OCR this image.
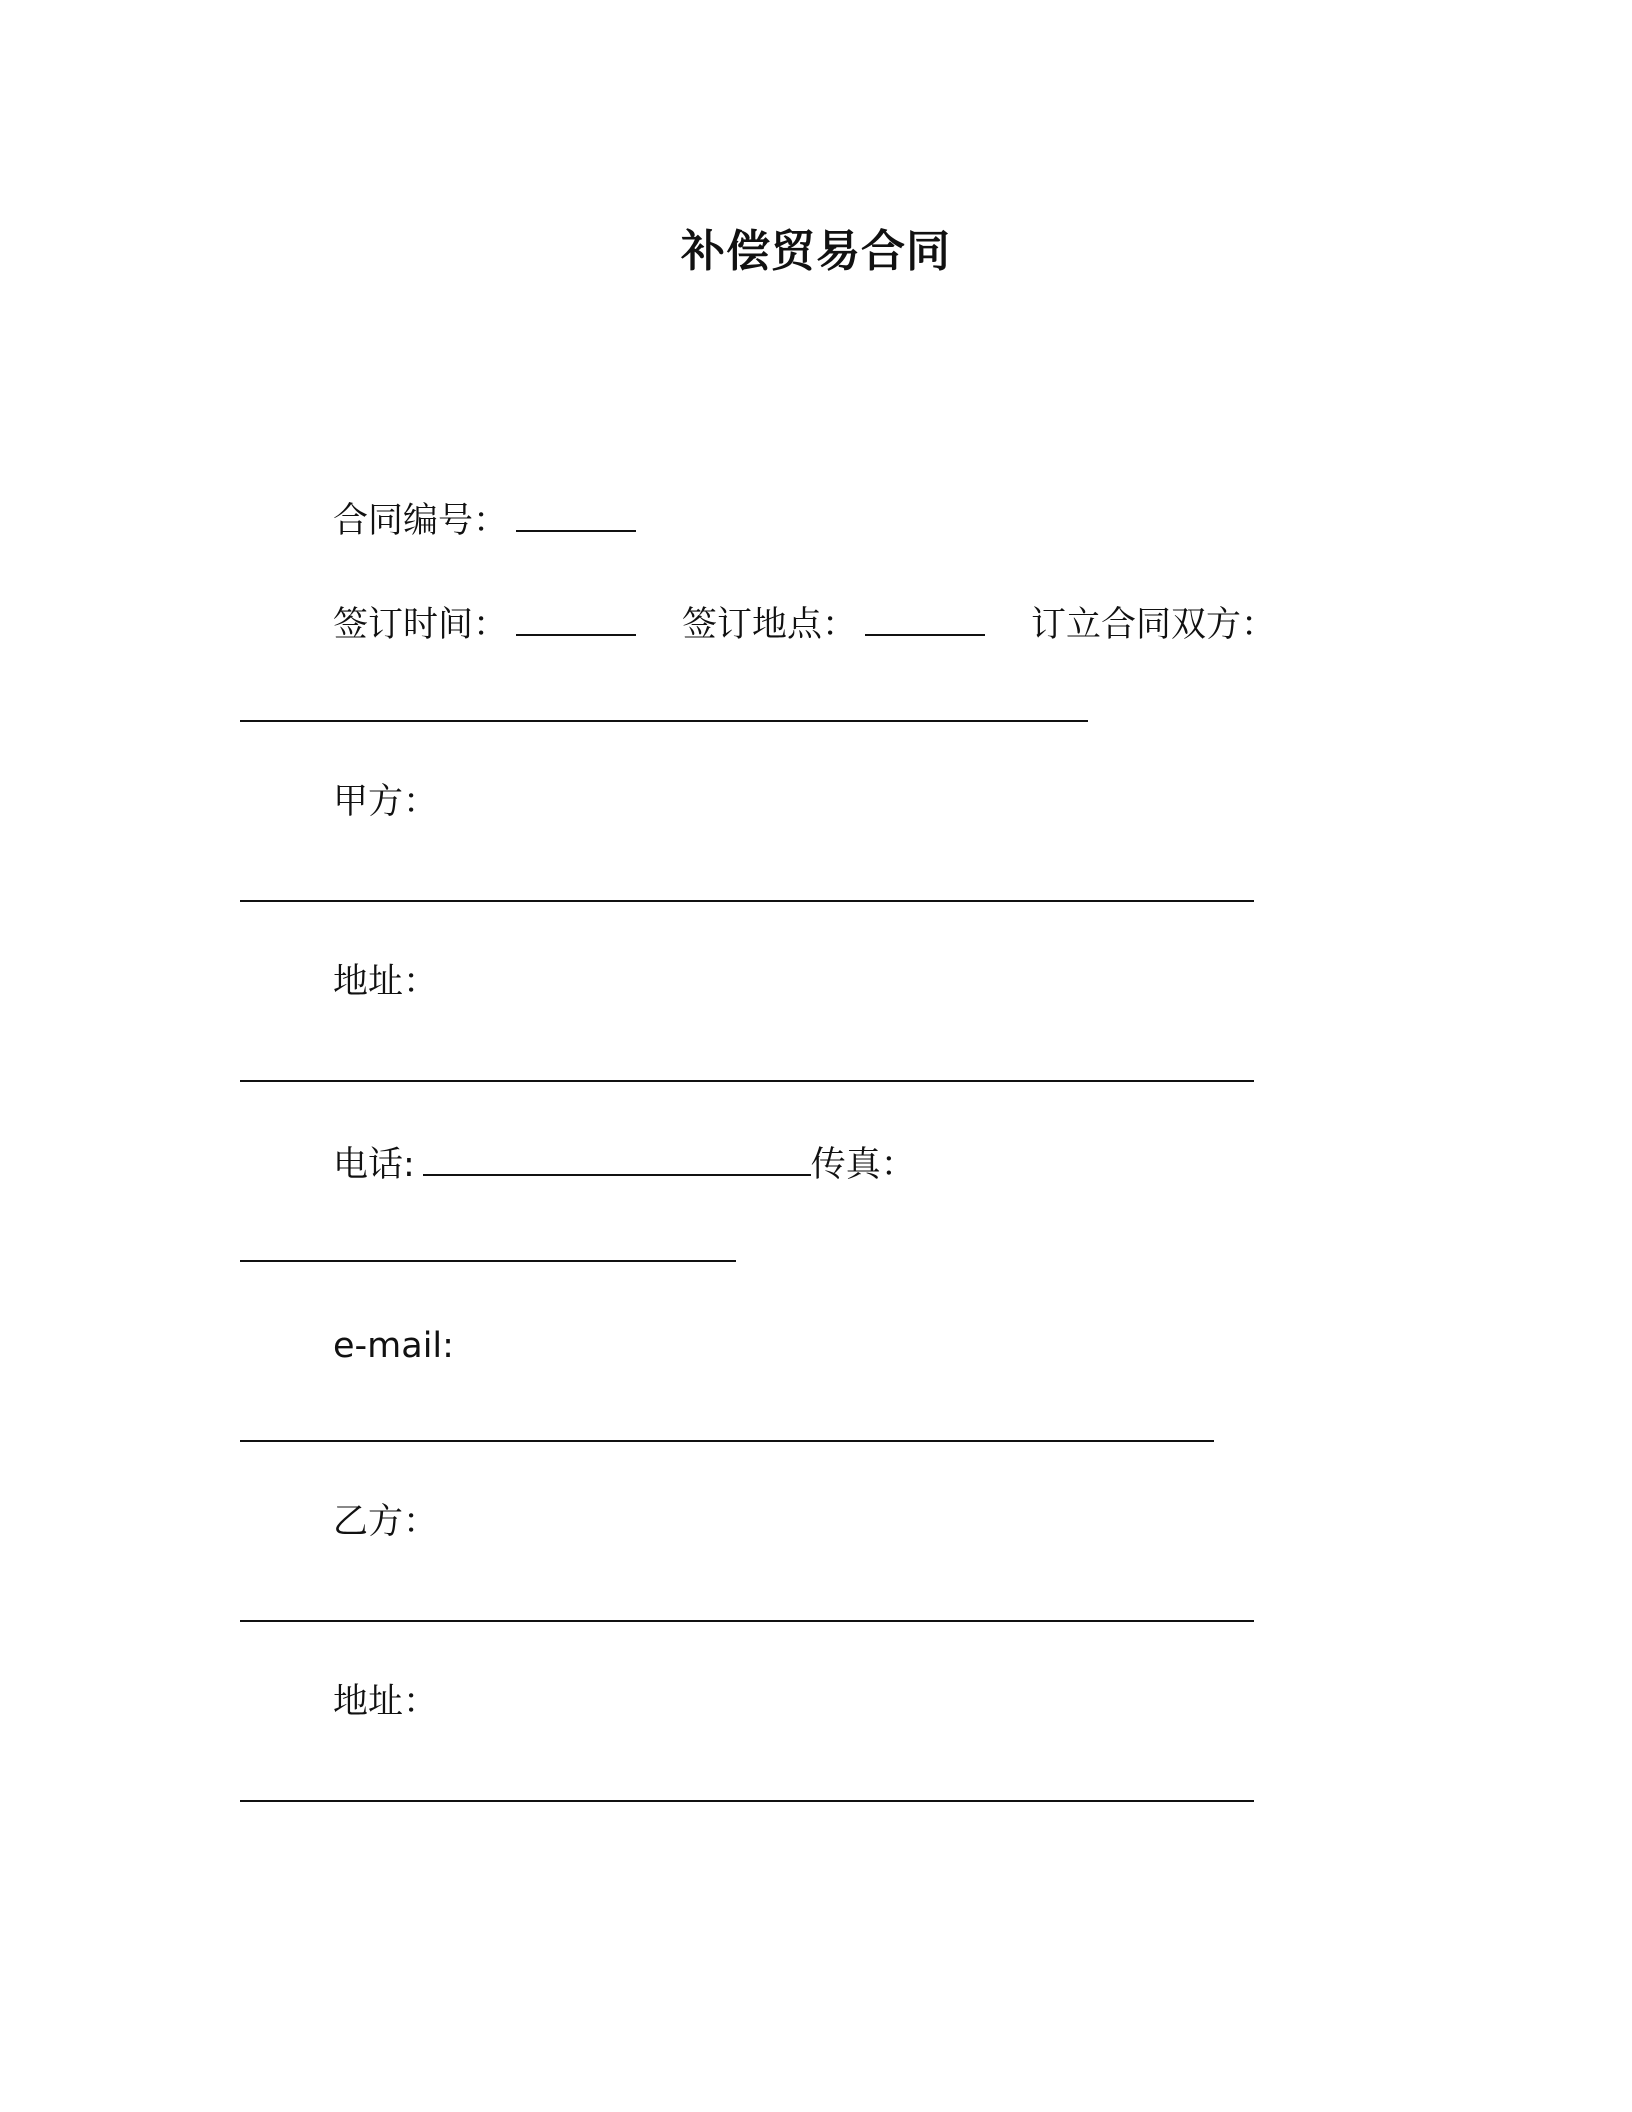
补偿贸易合同
合同编号：
签订时间：	签订地点：	订立合同双方：
甲方：
地址：
电话:	传真：
e-mail:
乙方：
地址：
